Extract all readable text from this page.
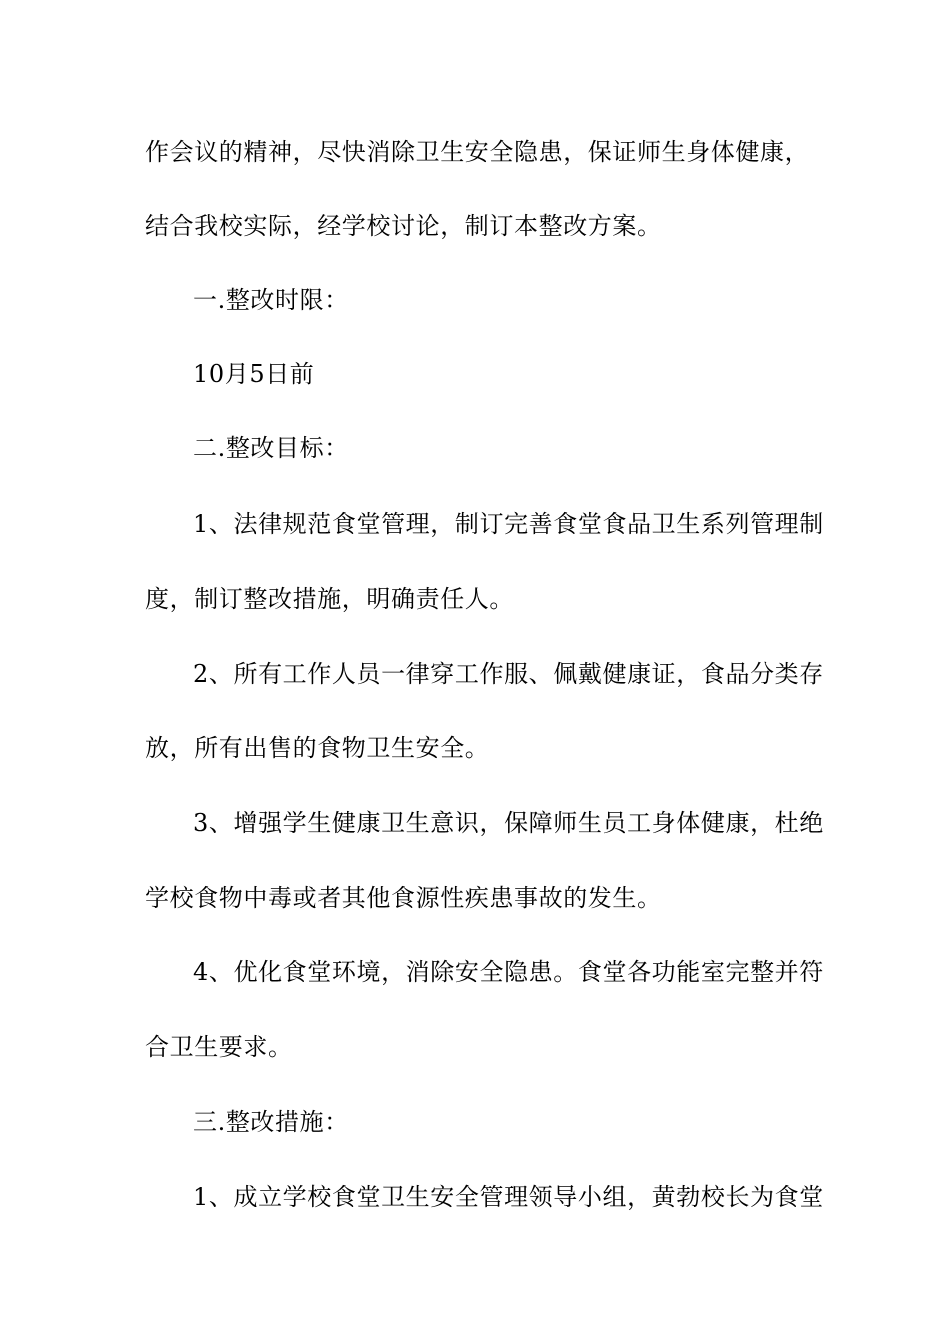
作会议的精神，尽快消除卫生安全隐患，保证师生身体健康，
结合我校实际，经学校讨论，制订本整改方案。
一.整改时限：
10月5日前
二.整改目标：
1、法律规范食堂管理，制订完善食堂食品卫生系列管理制
度，制订整改措施，明确责任人。
2、所有工作人员一律穿工作服、佩戴健康证，食品分类存
放，所有出售的食物卫生安全。
3、增强学生健康卫生意识，保障师生员工身体健康，杜绝
学校食物中毒或者其他食源性疾患事故的发生。
4、优化食堂环境，消除安全隐患。食堂各功能室完整并符
合卫生要求。
三.整改措施：
1、成立学校食堂卫生安全管理领导小组，黄勃校长为食堂
